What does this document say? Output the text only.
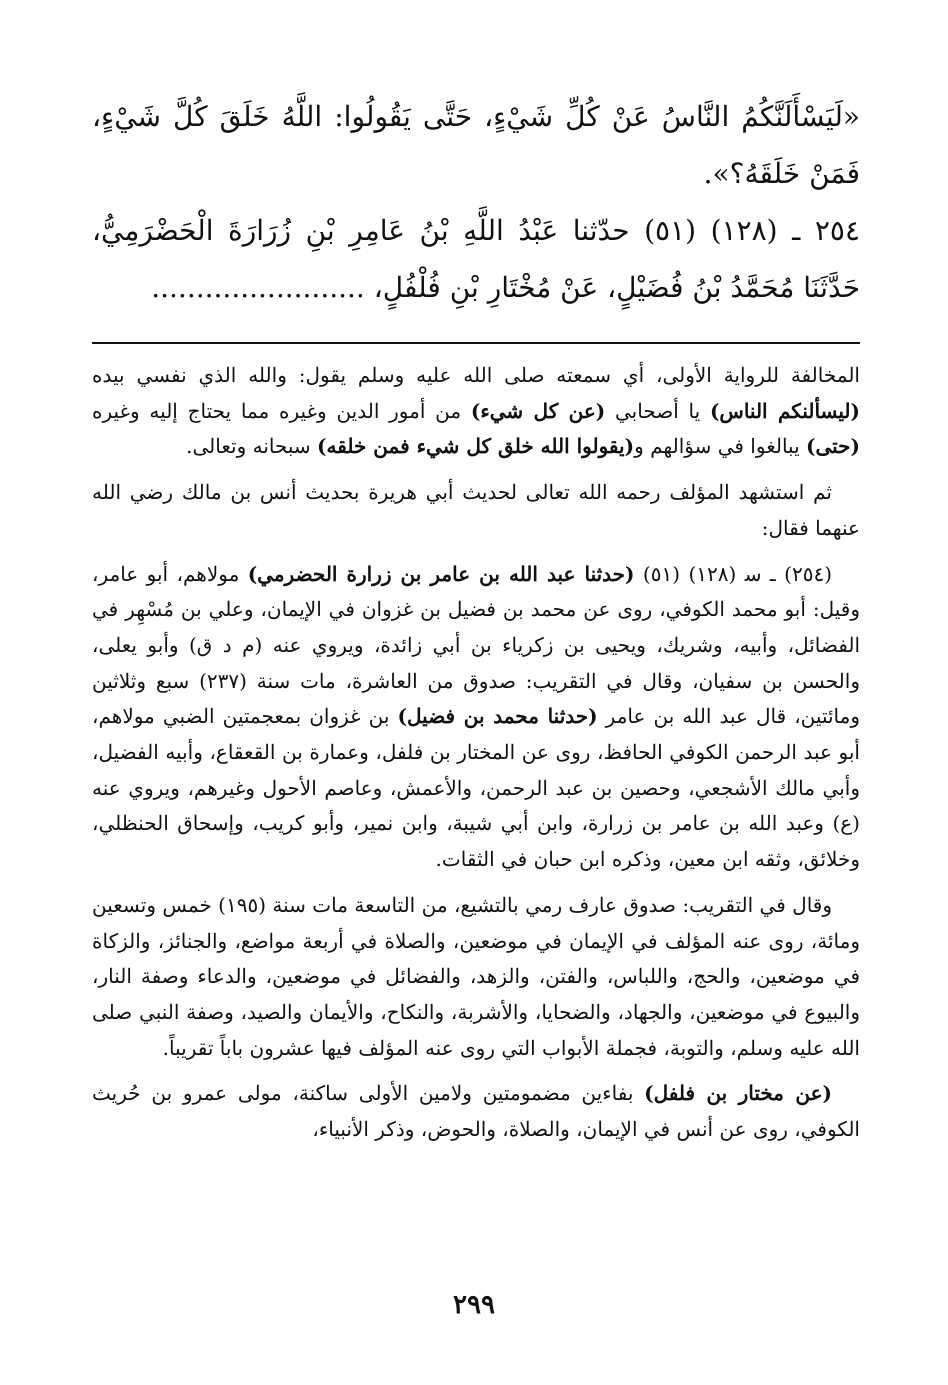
«لَيَسْأَلَنَّكُمُ النَّاسُ عَنْ كُلِّ شَيْءٍ، حَتَّى يَقُولُوا: اللَّهُ خَلَقَ كُلَّ شَيْءٍ، فَمَنْ خَلَقَهُ؟».

٢٥٤ ـ (١٢٨) (٥١) حدّثنا عَبْدُ اللَّهِ بْنُ عَامِرِ بْنِ زُرَارَةَ الْحَضْرَمِيُّ، حَدَّثَنَا مُحَمَّدُ بْنُ فُضَيْلٍ، عَنْ مُخْتَارِ بْنِ فُلْفُلٍ، ........................

المخالفة للرواية الأولى، أي سمعته صلى الله عليه وسلم يقول: والله الذي نفسي بيده (ليسألنكم الناس) يا أصحابي (عن كل شيء) من أمور الدين وغيره مما يحتاج إليه وغيره (حتى) يبالغوا في سؤالهم و(يقولوا الله خلق كل شيء فمن خلقه) سبحانه وتعالى.

ثم استشهد المؤلف رحمه الله تعالى لحديث أبي هريرة بحديث أنس بن مالك رضي الله عنهما فقال:

(٢٥٤) ـ ﺳ (١٢٨) (٥١) (حدثنا عبد الله بن عامر بن زرارة الحضرمي) مولاهم، أبو عامر، وقيل: أبو محمد الكوفي، روى عن محمد بن فضيل بن غزوان في الإيمان، وعلي بن مُسْهِر في الفضائل، وأبيه، وشريك، ويحيى بن زكرياء بن أبي زائدة، ويروي عنه (م د ق) وأبو يعلى، والحسن بن سفيان، وقال في التقريب: صدوق من العاشرة، مات سنة (٢٣٧) سبع وثلاثين ومائتين، قال عبد الله بن عامر (حدثنا محمد بن فضيل) بن غزوان بمعجمتين الضبي مولاهم، أبو عبد الرحمن الكوفي الحافظ، روى عن المختار بن فلفل، وعمارة بن القعقاع، وأبيه الفضيل، وأبي مالك الأشجعي، وحصين بن عبد الرحمن، والأعمش، وعاصم الأحول وغيرهم، ويروي عنه (ع) وعبد الله بن عامر بن زرارة، وابن أبي شيبة، وابن نمير، وأبو كريب، وإسحاق الحنظلي، وخلائق، وثقه ابن معين، وذكره ابن حبان في الثقات.

وقال في التقريب: صدوق عارف رمي بالتشيع، من التاسعة مات سنة (١٩٥) خمس وتسعين ومائة، روى عنه المؤلف في الإيمان في موضعين، والصلاة في أربعة مواضع، والجنائز، والزكاة في موضعين، والحج، واللباس، والفتن، والزهد، والفضائل في موضعين، والدعاء وصفة النار، والبيوع في موضعين، والجهاد، والضحايا، والأشربة، والنكاح، والأيمان والصيد، وصفة النبي صلى الله عليه وسلم، والتوبة، فجملة الأبواب التي روى عنه المؤلف فيها عشرون باباً تقريباً.

(عن مختار بن فلفل) بفاءين مضمومتين ولامين الأولى ساكنة، مولى عمرو بن حُريث الكوفي، روى عن أنس في الإيمان، والصلاة، والحوض، وذكر الأنبياء،

٢٩٩
